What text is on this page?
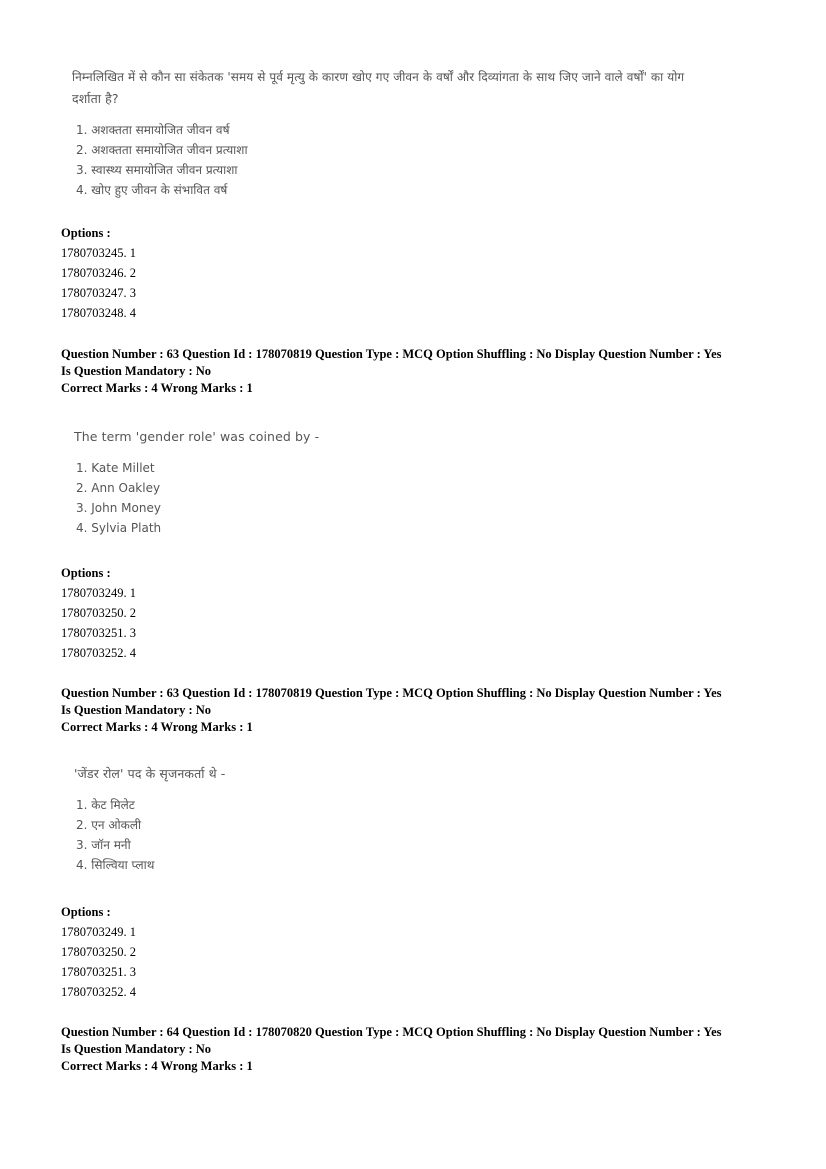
निम्नलिखित में से कौन सा संकेतक 'समय से पूर्व मृत्यु के कारण खोए गए जीवन के वर्षों और दिव्यांगता के साथ जिए जाने वाले वर्षों' का योग
दर्शाता है?
1. अशक्तता समायोजित जीवन वर्ष
2. अशक्तता समायोजित जीवन प्रत्याशा
3. स्वास्थ्य समायोजित जीवन प्रत्याशा
4. खोए हुए जीवन के संभावित वर्ष
Options :
1780703245. 1
1780703246. 2
1780703247. 3
1780703248. 4
Question Number : 63 Question Id : 178070819 Question Type : MCQ Option Shuffling : No Display Question Number : Yes
Is Question Mandatory : No
Correct Marks : 4 Wrong Marks : 1
The term 'gender role' was coined by -
1. Kate Millet
2. Ann Oakley
3. John Money
4. Sylvia Plath
Options :
1780703249. 1
1780703250. 2
1780703251. 3
1780703252. 4
Question Number : 63 Question Id : 178070819 Question Type : MCQ Option Shuffling : No Display Question Number : Yes
Is Question Mandatory : No
Correct Marks : 4 Wrong Marks : 1
'जेंडर रोल' पद के सृजनकर्ता थे -
1. केट मिलेट
2. एन ओकली
3. जॉन मनी
4. सिल्विया प्लाथ
Options :
1780703249. 1
1780703250. 2
1780703251. 3
1780703252. 4
Question Number : 64 Question Id : 178070820 Question Type : MCQ Option Shuffling : No Display Question Number : Yes
Is Question Mandatory : No
Correct Marks : 4 Wrong Marks : 1
